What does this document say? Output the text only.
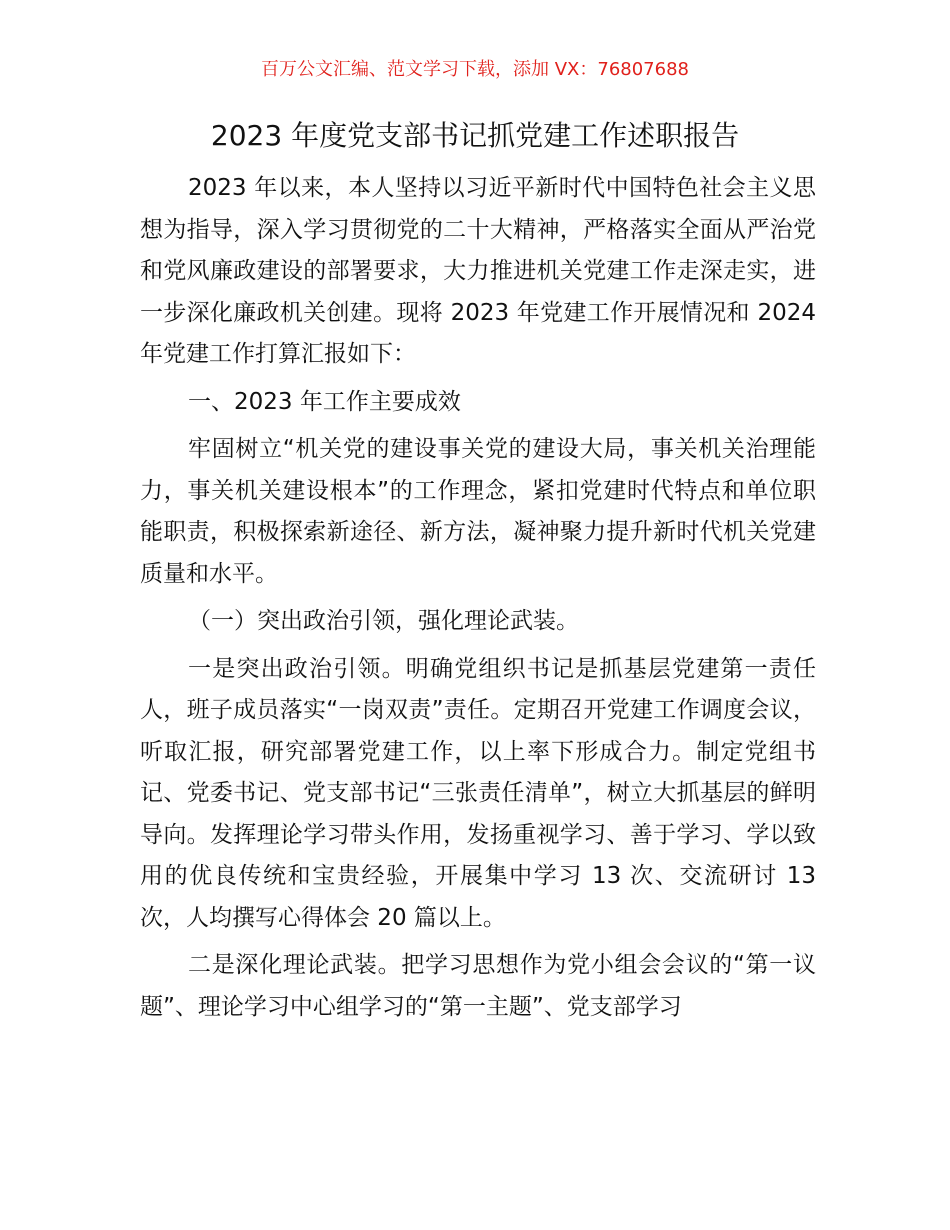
百万公文汇编、范文学习下载，添加 VX：76807688
2023 年度党支部书记抓党建工作述职报告

2023 年以来，本人坚持以习近平新时代中国特色社会主义思想为指导，深入学习贯彻党的二十大精神，严格落实全面从严治党和党风廉政建设的部署要求，大力推进机关党建工作走深走实，进一步深化廉政机关创建。现将 2023 年党建工作开展情况和 2024 年党建工作打算汇报如下：

一、2023 年工作主要成效

牢固树立“机关党的建设事关党的建设大局，事关机关治理能力，事关机关建设根本”的工作理念，紧扣党建时代特点和单位职能职责，积极探索新途径、新方法，凝神聚力提升新时代机关党建质量和水平。

（一）突出政治引领，强化理论武装。

一是突出政治引领。明确党组织书记是抓基层党建第一责任人，班子成员落实“一岗双责”责任。定期召开党建工作调度会议，听取汇报，研究部署党建工作，以上率下形成合力。制定党组书记、党委书记、党支部书记“三张责任清单”，树立大抓基层的鲜明导向。发挥理论学习带头作用，发扬重视学习、善于学习、学以致用的优良传统和宝贵经验，开展集中学习 13 次、交流研讨 13 次，人均撰写心得体会 20 篇以上。

二是深化理论武装。把学习思想作为党小组会会议的“第一议题”、理论学习中心组学习的“第一主题”、党支部学习
